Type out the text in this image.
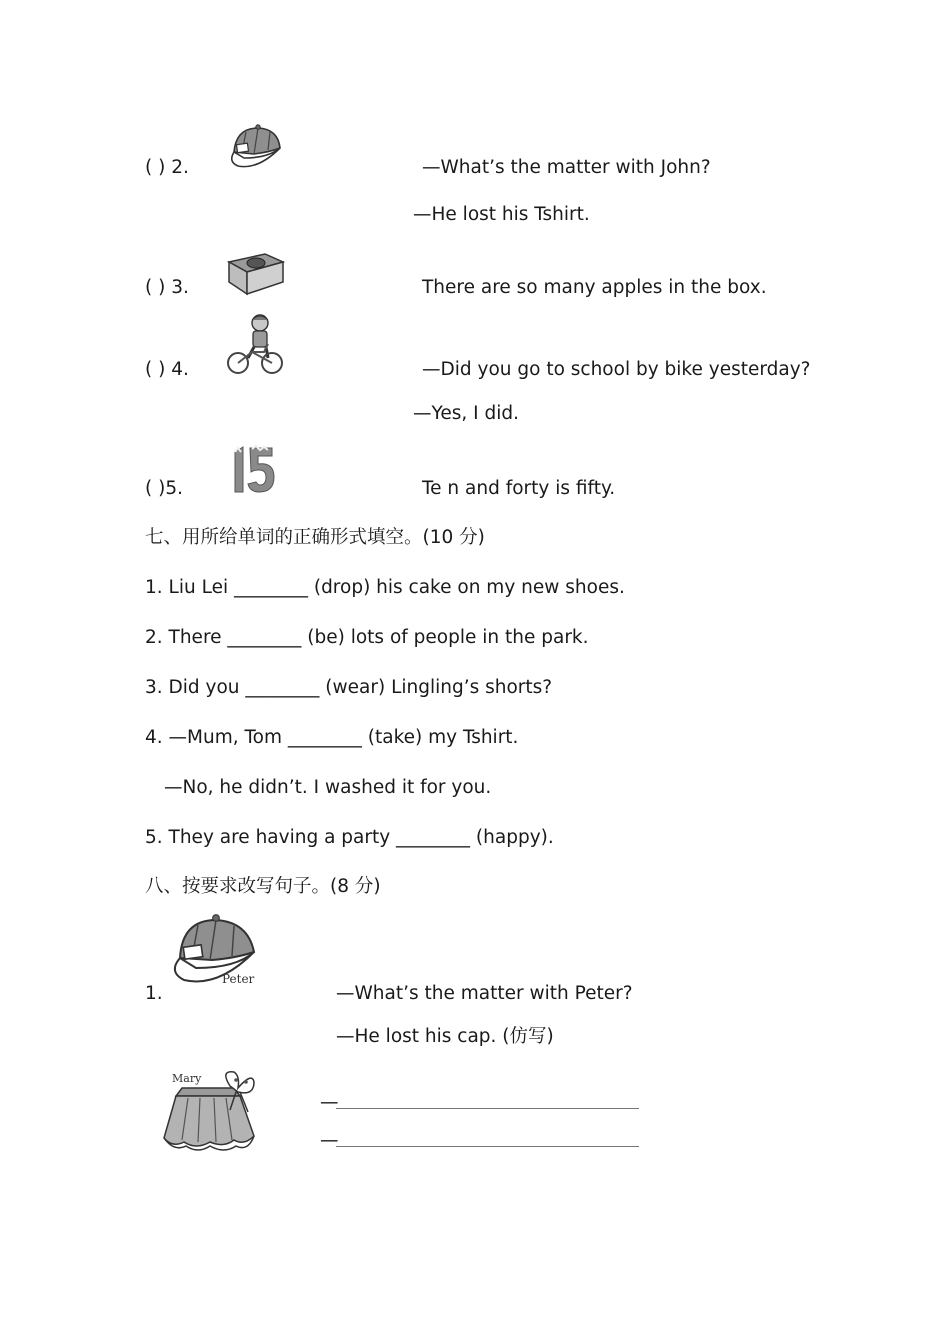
( ) 2.	—What’s the matter with John?
—He lost his Tshirt.
( ) 3.	There are so many apples in the box.
( ) 4.	—Did you go to school by bike yesterday?
—Yes, I did.
( )5.	Te n and forty is fifty.
七、用所给单词的正确形式填空。(10 分)
1. Liu Lei ________ (drop) his cake on my new shoes.
2. There ________ (be) lots of people in the park.
3. Did you ________ (wear) Lingling’s shorts?
4. —Mum, Tom ________ (take) my Tshirt.
—No, he didn’t. I washed it for you.
5. They are having a party ________ (happy).
八、按要求改写句子。(8 分)
1.
Peter
—What’s the matter with Peter?
—He lost his cap. (仿写)
Mary
—
—
